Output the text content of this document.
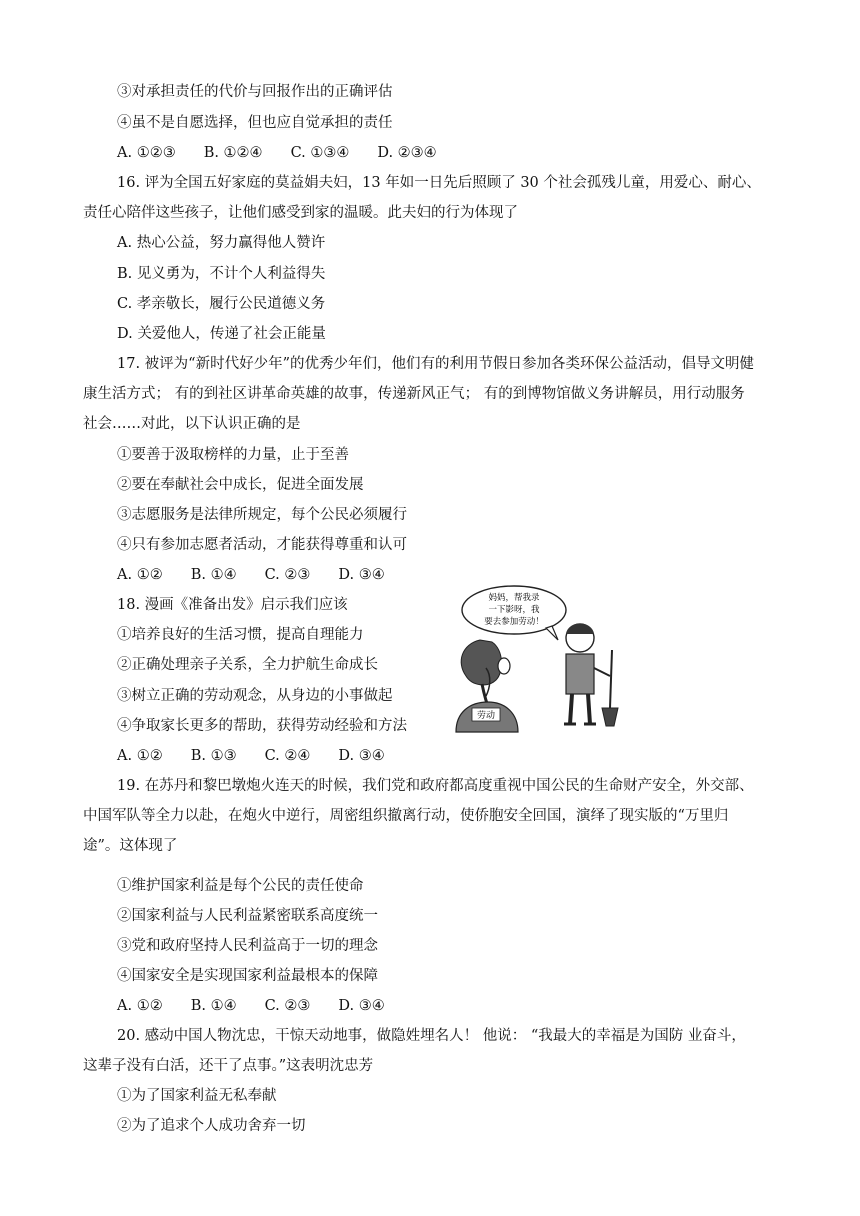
③对承担责任的代价与回报作出的正确评估
④虽不是自愿选择，但也应自觉承担的责任
A. ①②③ B. ①②④ C. ①③④ D. ②③④
16. 评为全国五好家庭的莫益娟夫妇，13 年如一日先后照顾了 30 个社会孤残儿童，用爱心、耐心、
责任心陪伴这些孩子，让他们感受到家的温暖。此夫妇的行为体现了
A. 热心公益，努力赢得他人赞许
B. 见义勇为，不计个人利益得失
C. 孝亲敬长，履行公民道德义务
D. 关爱他人，传递了社会正能量
17. 被评为“新时代好少年”的优秀少年们，他们有的利用节假日参加各类环保公益活动，倡导文明健
康生活方式； 有的到社区讲革命英雄的故事，传递新风正气； 有的到博物馆做义务讲解员，用行动服务
社会……对此，以下认识正确的是
①要善于汲取榜样的力量，止于至善
②要在奉献社会中成长，促进全面发展
③志愿服务是法律所规定，每个公民必须履行
④只有参加志愿者活动，才能获得尊重和认可
A. ①② B. ①④ C. ②③ D. ③④
18. 漫画《准备出发》启示我们应该
①培养良好的生活习惯，提高自理能力
②正确处理亲子关系，全力护航生命成长
③树立正确的劳动观念，从身边的小事做起
④争取家长更多的帮助，获得劳动经验和方法
A. ①② B. ①③ C. ②④ D. ③④
妈妈，帮我录
一下影呀，我
要去参加劳动！
劳动
19. 在苏丹和黎巴墩炮火连天的时候，我们党和政府都高度重视中国公民的生命财产安全，外交部、
中国军队等全力以赴，在炮火中逆行，周密组织撤离行动，使侨胞安全回国，演绎了现实版的“万里归
途”。这体现了
①维护国家利益是每个公民的责任使命
②国家利益与人民利益紧密联系高度统一
③党和政府坚持人民利益高于一切的理念
④国家安全是实现国家利益最根本的保障
A. ①② B. ①④ C. ②③ D. ③④
20. 感动中国人物沈忠，干惊天动地事，做隐姓埋名人！ 他说： “我最大的幸福是为国防 业奋斗，
这辈子没有白活，还干了点事。”这表明沈忠芳
①为了国家利益无私奉献
②为了追求个人成功舍弃一切
